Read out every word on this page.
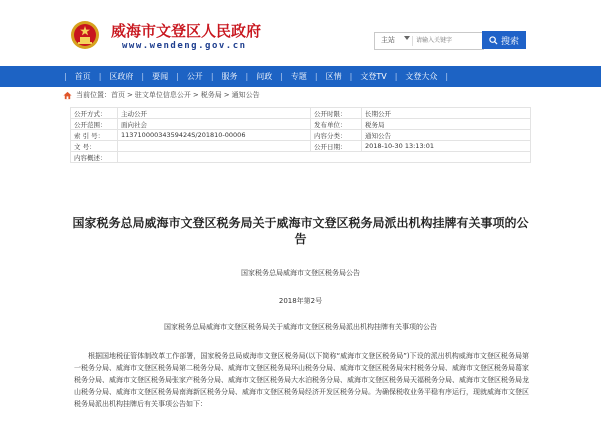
威海市文登区人民政府
www.wendeng.gov.cn
主站
请输入关键字	搜索
| 首页 | 区政府 | 要闻 | 公开 | 服务 | 问政 | 专题 | 区情 | 文登TV | 文登大众 |
当前位置： 首页 > 驻文单位信息公开 > 税务局 > 通知公告
公开方式：	主动公开	公开时限：	长期公开
公开范围：	面向社会	发布单位：	税务局
索 引 号：	11371000034359424S/201810-00006	内容分类：	通知公告
文 号：		公开日期：	2018-10-30 13:13:01
内容概述：			
国家税务总局威海市文登区税务局关于威海市文登区税务局派出机构挂牌有关事项的公告
国家税务总局威海市文登区税务局公告
2018年第2号
国家税务总局威海市文登区税务局关于威海市文登区税务局派出机构挂牌有关事项的公告
根据国地税征管体制改革工作部署，国家税务总局威海市文登区税务局(以下简称“威海市文登区税务局”)下设的派出机构威海市文登区税务局第一税务分局、威海市文登区税务局第二税务分局、威海市文登区税务局环山税务分局、威海市文登区税务局宋村税务分局、威海市文登区税务局葛家税务分局、威海市文登区税务局张家产税务分局、威海市文登区税务局大水泊税务分局、威海市文登区税务局天福税务分局、威海市文登区税务局龙山税务分局、威海市文登区税务局南海新区税务分局、威海市文登区税务局经济开发区税务分局。为确保税收业务平稳有序运行，现就威海市文登区税务局派出机构挂牌后有关事项公告如下：
